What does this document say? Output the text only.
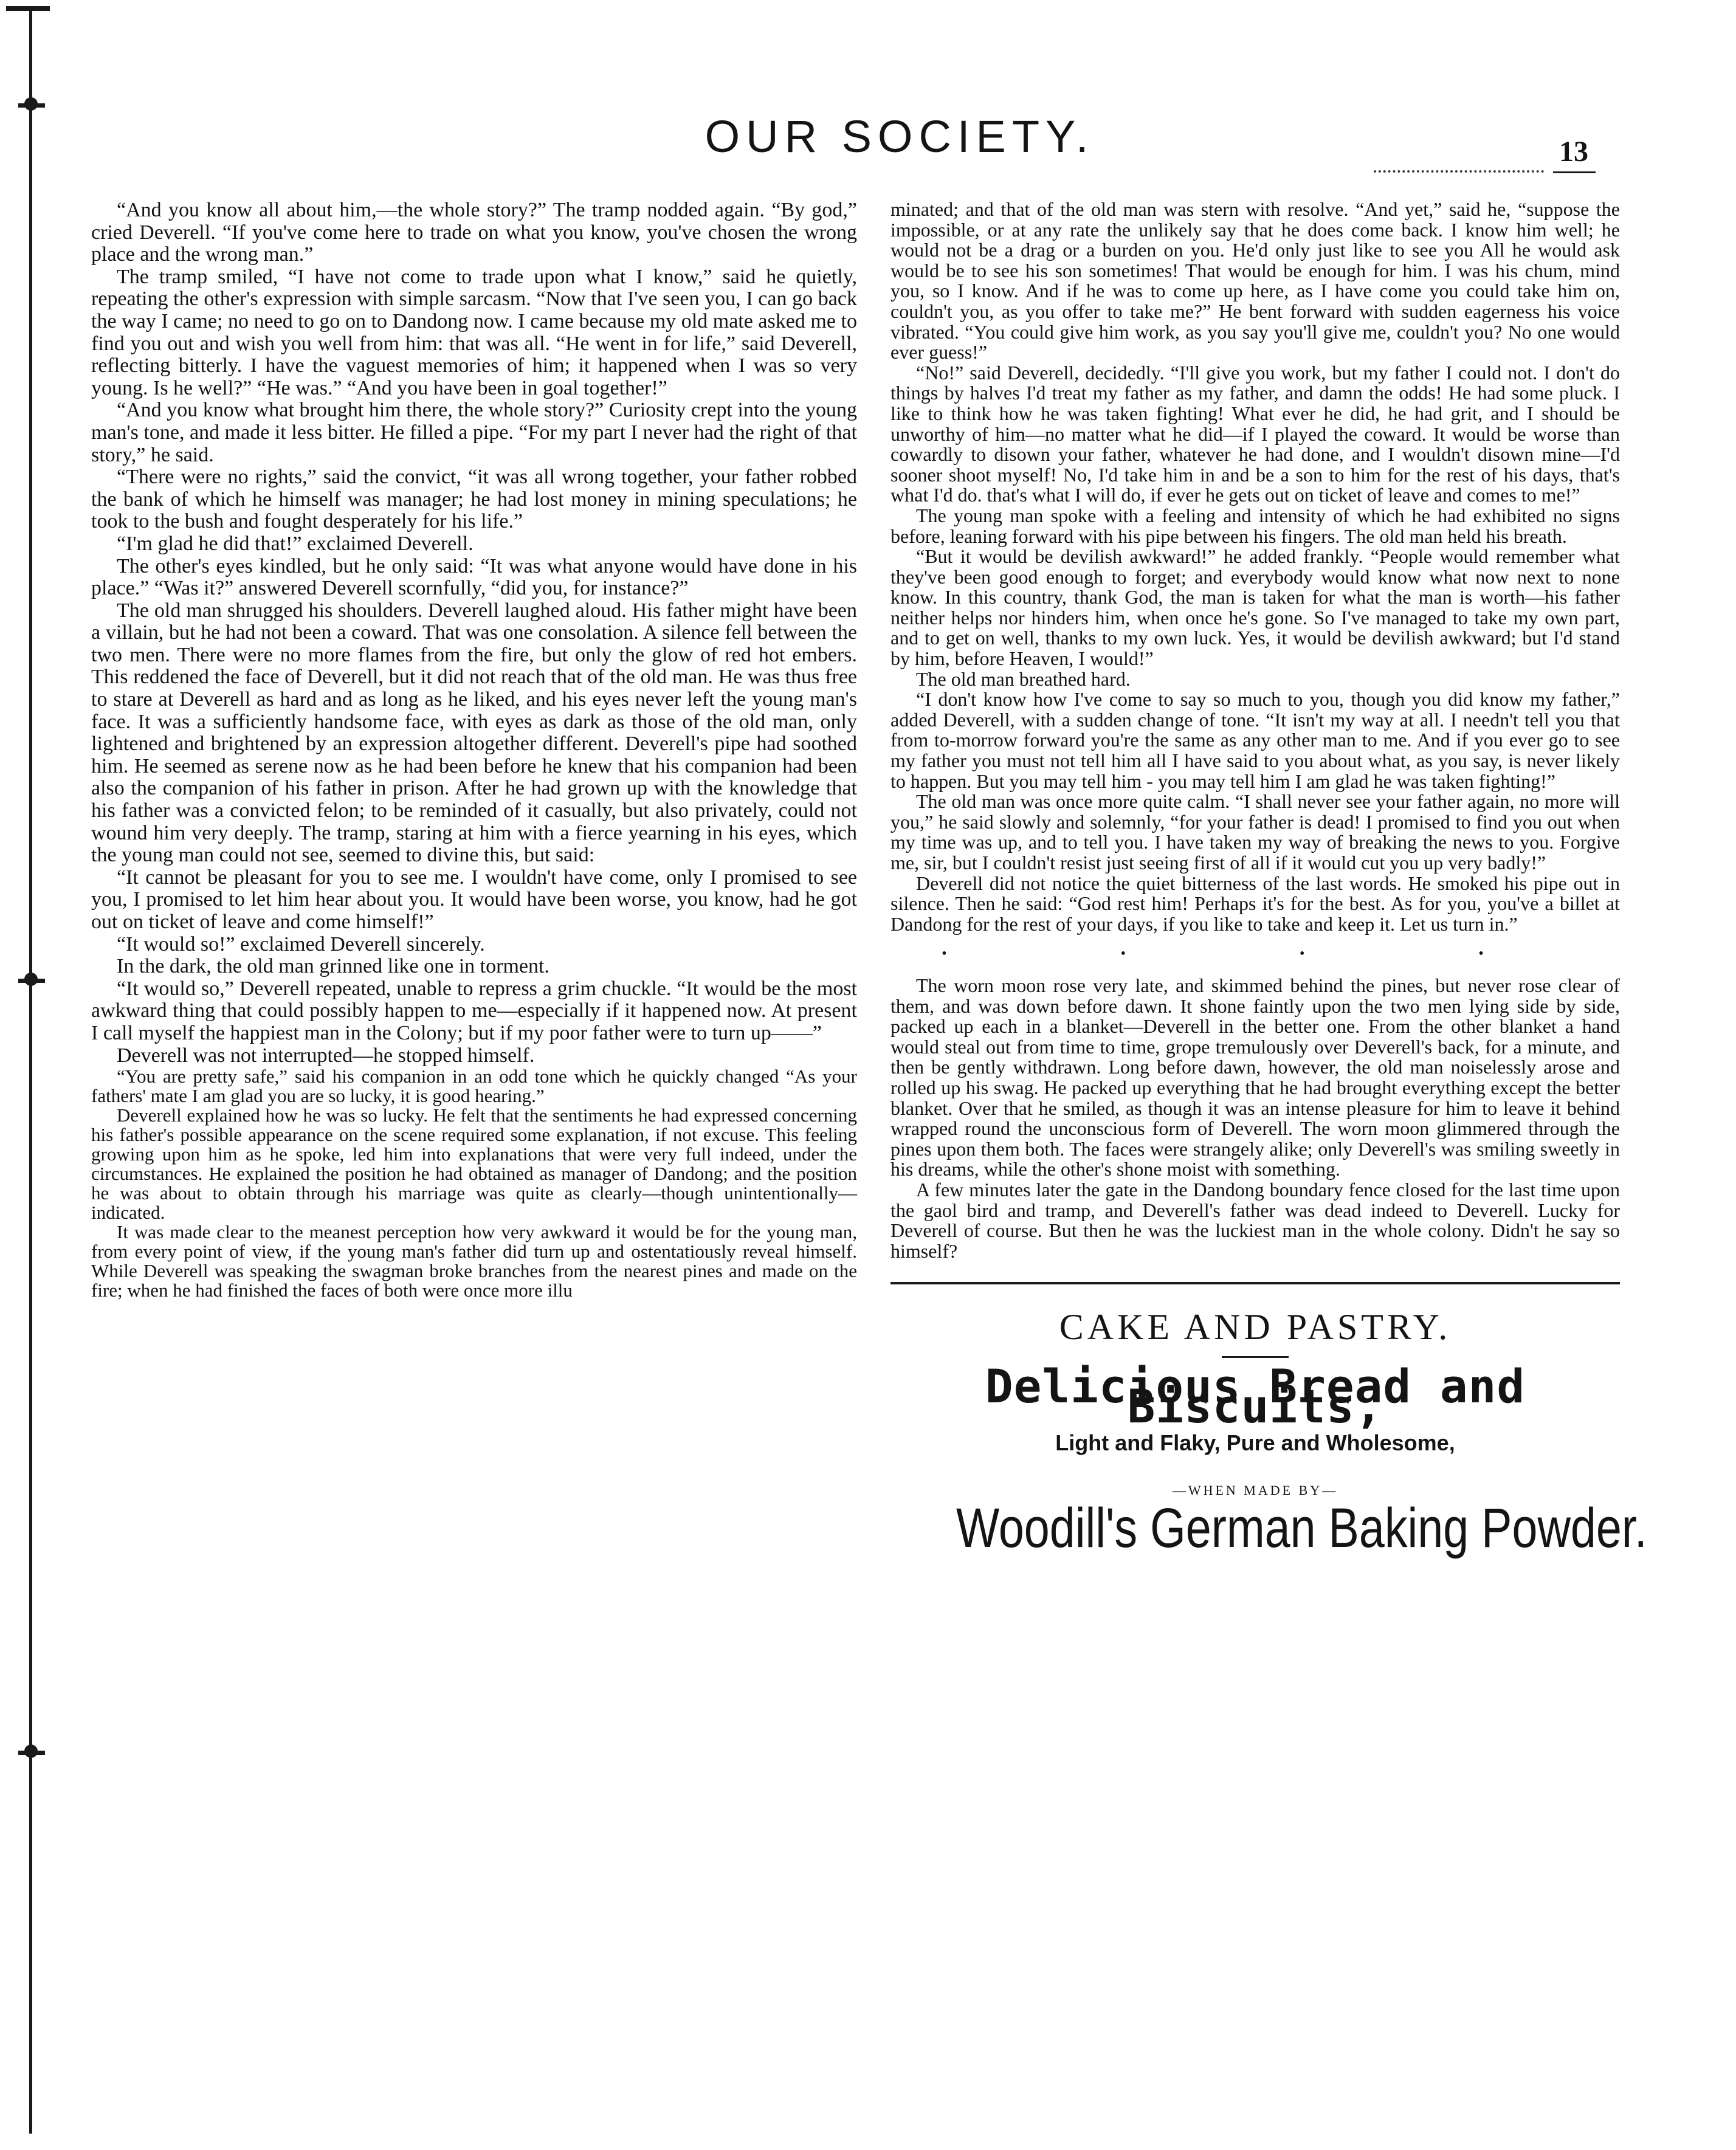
OUR SOCIETY.	13

“And you know all about him,—the whole story?” The tramp nodded again. “By god,” cried Deverell. “If you've come here to trade on what you know, you've chosen the wrong place and the wrong man.”

The tramp smiled, “I have not come to trade upon what I know,” said he quietly, repeating the other's expression with simple sarcasm. “Now that I've seen you, I can go back the way I came; no need to go on to Dandong now. I came because my old mate asked me to find you out and wish you well from him: that was all. “He went in for life,” said Deverell, reflecting bitterly. I have the vaguest memories of him; it happened when I was so very young. Is he well?” “He was.” “And you have been in goal together!”

“And you know what brought him there, the whole story?” Curiosity crept into the young man's tone, and made it less bitter. He filled a pipe. “For my part I never had the right of that story,” he said.

“There were no rights,” said the convict, “it was all wrong together, your father robbed the bank of which he himself was manager; he had lost money in mining speculations; he took to the bush and fought desperately for his life.”

“I'm glad he did that!” exclaimed Deverell.

The other's eyes kindled, but he only said: “It was what anyone would have done in his place.” “Was it?” answered Deverell scornfully, “did you, for instance?”

The old man shrugged his shoulders. Deverell laughed aloud. His father might have been a villain, but he had not been a coward. That was one consolation. A silence fell between the two men. There were no more flames from the fire, but only the glow of red hot embers. This reddened the face of Deverell, but it did not reach that of the old man. He was thus free to stare at Deverell as hard and as long as he liked, and his eyes never left the young man's face. It was a sufficiently handsome face, with eyes as dark as those of the old man, only lightened and brightened by an expression altogether different. Deverell's pipe had soothed him. He seemed as serene now as he had been before he knew that his companion had been also the companion of his father in prison. After he had grown up with the knowledge that his father was a convicted felon; to be reminded of it casually, but also privately, could not wound him very deeply. The tramp, staring at him with a fierce yearning in his eyes, which the young man could not see, seemed to divine this, but said:

“It cannot be pleasant for you to see me. I wouldn't have come, only I promised to see you, I promised to let him hear about you. It would have been worse, you know, had he got out on ticket of leave and come himself!”

“It would so!” exclaimed Deverell sincerely.

In the dark, the old man grinned like one in torment.

“It would so,” Deverell repeated, unable to repress a grim chuckle. “It would be the most awkward thing that could possibly happen to me—especially if it happened now. At present I call myself the happiest man in the Colony; but if my poor father were to turn up——”

Deverell was not interrupted—he stopped himself.

“You are pretty safe,” said his companion in an odd tone which he quickly changed “As your fathers' mate I am glad you are so lucky, it is good hearing.”

Deverell explained how he was so lucky. He felt that the sentiments he had expressed concerning his father's possible appearance on the scene required some explanation, if not excuse. This feeling growing upon him as he spoke, led him into explanations that were very full indeed, under the circumstances. He explained the position he had obtained as manager of Dandong; and the position he was about to obtain through his marriage was quite as clearly—though unintentionally—indicated.

It was made clear to the meanest perception how very awkward it would be for the young man, from every point of view, if the young man's father did turn up and ostentatiously reveal himself. While Deverell was speaking the swagman broke branches from the nearest pines and made on the fire; when he had finished the faces of both were once more illu

minated; and that of the old man was stern with resolve. “And yet,” said he, “suppose the impossible, or at any rate the unlikely say that he does come back. I know him well; he would not be a drag or a burden on you. He'd only just like to see you All he would ask would be to see his son sometimes! That would be enough for him. I was his chum, mind you, so I know. And if he was to come up here, as I have come you could take him on, couldn't you, as you offer to take me?” He bent forward with sudden eagerness his voice vibrated. “You could give him work, as you say you'll give me, couldn't you? No one would ever guess!”

“No!” said Deverell, decidedly. “I'll give you work, but my father I could not. I don't do things by halves I'd treat my father as my father, and damn the odds! He had some pluck. I like to think how he was taken fighting! What ever he did, he had grit, and I should be unworthy of him—no matter what he did—if I played the coward. It would be worse than cowardly to disown your father, whatever he had done, and I wouldn't disown mine—I'd sooner shoot myself! No, I'd take him in and be a son to him for the rest of his days, that's what I'd do. that's what I will do, if ever he gets out on ticket of leave and comes to me!”

The young man spoke with a feeling and intensity of which he had exhibited no signs before, leaning forward with his pipe between his fingers. The old man held his breath.

“But it would be devilish awkward!” he added frankly. “People would remember what they've been good enough to forget; and everybody would know what now next to none know. In this country, thank God, the man is taken for what the man is worth—his father neither helps nor hinders him, when once he's gone. So I've managed to take my own part, and to get on well, thanks to my own luck. Yes, it would be devilish awkward; but I'd stand by him, before Heaven, I would!”

The old man breathed hard.

“I don't know how I've come to say so much to you, though you did know my father,” added Deverell, with a sudden change of tone. “It isn't my way at all. I needn't tell you that from to-morrow forward you're the same as any other man to me. And if you ever go to see my father you must not tell him all I have said to you about what, as you say, is never likely to happen. But you may tell him - you may tell him I am glad he was taken fighting!”

The old man was once more quite calm. “I shall never see your father again, no more will you,” he said slowly and solemnly, “for your father is dead! I promised to find you out when my time was up, and to tell you. I have taken my way of breaking the news to you. Forgive me, sir, but I couldn't resist just seeing first of all if it would cut you up very badly!”

Deverell did not notice the quiet bitterness of the last words. He smoked his pipe out in silence. Then he said: “God rest him! Perhaps it's for the best. As for you, you've a billet at Dandong for the rest of your days, if you like to take and keep it. Let us turn in.”

• • • •

The worn moon rose very late, and skimmed behind the pines, but never rose clear of them, and was down before dawn. It shone faintly upon the two men lying side by side, packed up each in a blanket—Deverell in the better one. From the other blanket a hand would steal out from time to time, grope tremulously over Deverell's back, for a minute, and then be gently withdrawn. Long before dawn, however, the old man noiselessly arose and rolled up his swag. He packed up everything that he had brought everything except the better blanket. Over that he smiled, as though it was an intense pleasure for him to leave it behind wrapped round the unconscious form of Deverell. The worn moon glimmered through the pines upon them both. The faces were strangely alike; only Deverell's was smiling sweetly in his dreams, while the other's shone moist with something.

A few minutes later the gate in the Dandong boundary fence closed for the last time upon the gaol bird and tramp, and Deverell's father was dead indeed to Deverell. Lucky for Deverell of course. But then he was the luckiest man in the whole colony. Didn't he say so himself?

CAKE AND PASTRY.
Delicious Bread and Biscuits,
Light and Flaky, Pure and Wholesome,
—WHEN MADE BY—
Woodill's German Baking Powder.
